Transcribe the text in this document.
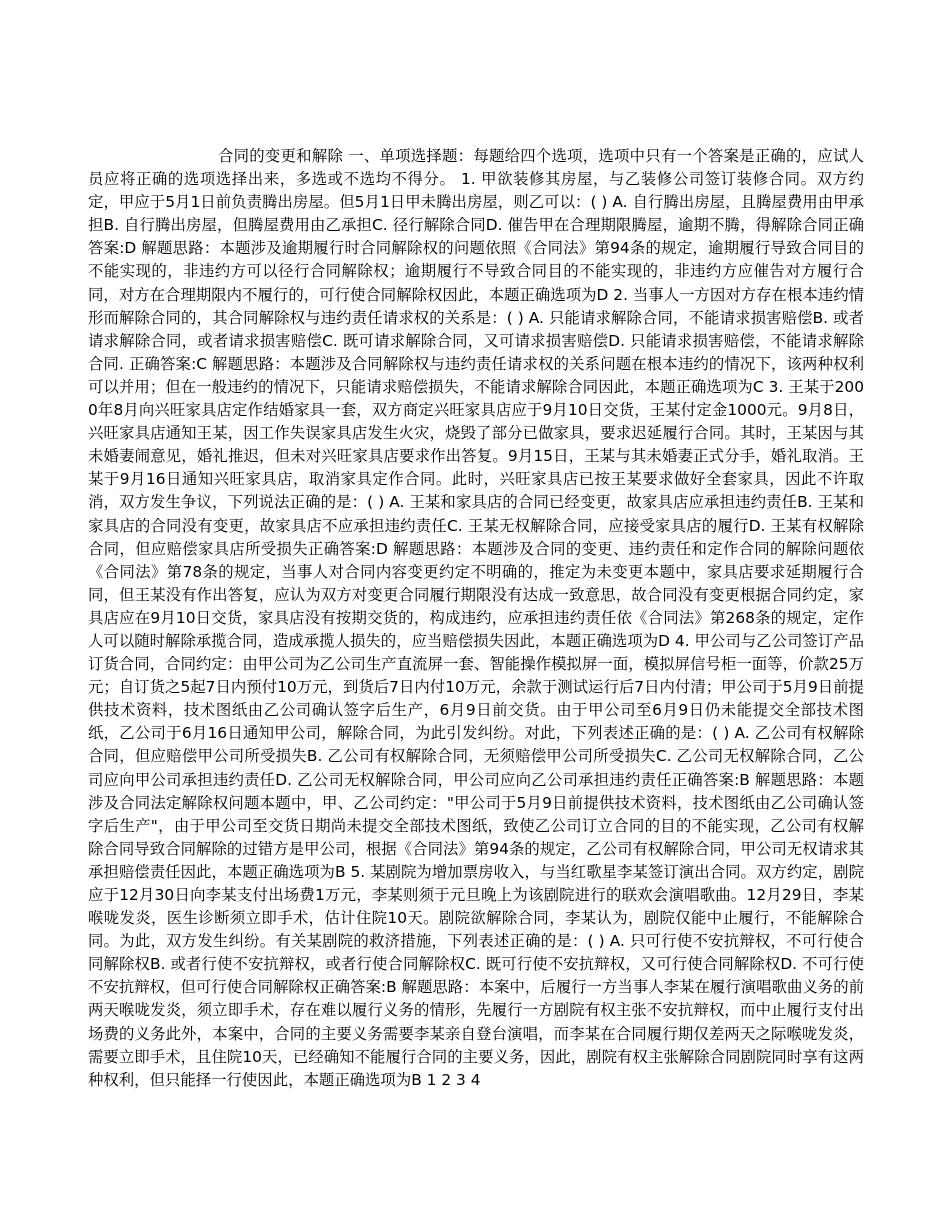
合同的变更和解除 一、单项选择题：每题给四个选项，选项中只有一个答案是正确的，应试人员应将正确的选项选择出来，多选或不选均不得分。 1. 甲欲装修其房屋，与乙装修公司签订装修合同。双方约定，甲应于5月1日前负责腾出房屋。但5月1日甲未腾出房屋，则乙可以：( ) A. 自行腾出房屋，且腾屋费用由甲承担B. 自行腾出房屋，但腾屋费用由乙承担C. 径行解除合同D. 催告甲在合理期限腾屋，逾期不腾，得解除合同正确答案:D 解题思路：本题涉及逾期履行时合同解除权的问题依照《合同法》第94条的规定，逾期履行导致合同目的不能实现的，非违约方可以径行合同解除权；逾期履行不导致合同目的不能实现的，非违约方应催告对方履行合同，对方在合理期限内不履行的，可行使合同解除权因此，本题正确选项为D 2. 当事人一方因对方存在根本违约情形而解除合同的，其合同解除权与违约责任请求权的关系是：( ) A. 只能请求解除合同，不能请求损害赔偿B. 或者请求解除合同，或者请求损害赔偿C. 既可请求解除合同，又可请求损害赔偿D. 只能请求损害赔偿，不能请求解除合同. 正确答案:C 解题思路：本题涉及合同解除权与违约责任请求权的关系问题在根本违约的情况下，该两种权利可以并用；但在一般违约的情况下，只能请求赔偿损失，不能请求解除合同因此，本题正确选项为C 3. 王某于2000年8月向兴旺家具店定作结婚家具一套，双方商定兴旺家具店应于9月10日交货，王某付定金1000元。9月8日，兴旺家具店通知王某，因工作失误家具店发生火灾，烧毁了部分已做家具，要求迟延履行合同。其时，王某因与其未婚妻闹意见，婚礼推迟，但未对兴旺家具店要求作出答复。9月15日，王某与其未婚妻正式分手，婚礼取消。王某于9月16日通知兴旺家具店，取消家具定作合同。此时，兴旺家具店已按王某要求做好全套家具，因此不许取消，双方发生争议，下列说法正确的是：( ) A. 王某和家具店的合同已经变更，故家具店应承担违约责任B. 王某和家具店的合同没有变更，故家具店不应承担违约责任C. 王某无权解除合同，应接受家具店的履行D. 王某有权解除合同，但应赔偿家具店所受损失正确答案:D 解题思路：本题涉及合同的变更、违约责任和定作合同的解除问题依《合同法》第78条的规定，当事人对合同内容变更约定不明确的，推定为未变更本题中，家具店要求延期履行合同，但王某没有作出答复，应认为双方对变更合同履行期限没有达成一致意思，故合同没有变更根据合同约定，家具店应在9月10日交货，家具店没有按期交货的，构成违约，应承担违约责任依《合同法》第268条的规定，定作人可以随时解除承揽合同，造成承揽人损失的，应当赔偿损失因此，本题正确选项为D 4. 甲公司与乙公司签订产品订货合同，合同约定：由甲公司为乙公司生产直流屏一套、智能操作模拟屏一面，模拟屏信号柜一面等，价款25万元；自订货之5起7日内预付10万元，到货后7日内付10万元，余款于测试运行后7日内付清；甲公司于5月9日前提供技术资料，技术图纸由乙公司确认签字后生产，6月9日前交货。由于甲公司至6月9日仍未能提交全部技术图纸，乙公司于6月16日通知甲公司，解除合同，为此引发纠纷。对此，下列表述正确的是：( ) A. 乙公司有权解除合同，但应赔偿甲公司所受损失B. 乙公司有权解除合同，无须赔偿甲公司所受损失C. 乙公司无权解除合同，乙公司应向甲公司承担违约责任D. 乙公司无权解除合同，甲公司应向乙公司承担违约责任正确答案:B 解题思路：本题涉及合同法定解除权问题本题中，甲、乙公司约定："甲公司于5月9日前提供技术资料，技术图纸由乙公司确认签字后生产"，由于甲公司至交货日期尚未提交全部技术图纸，致使乙公司订立合同的目的不能实现，乙公司有权解除合同导致合同解除的过错方是甲公司，根据《合同法》第94条的规定，乙公司有权解除合同，甲公司无权请求其承担赔偿责任因此，本题正确选项为B 5. 某剧院为增加票房收入，与当红歌星李某签订演出合同。双方约定，剧院应于12月30日向李某支付出场费1万元，李某则须于元旦晚上为该剧院进行的联欢会演唱歌曲。12月29日，李某喉咙发炎，医生诊断须立即手术，估计住院10天。剧院欲解除合同，李某认为，剧院仅能中止履行，不能解除合同。为此，双方发生纠纷。有关某剧院的救济措施，下列表述正确的是：( ) A. 只可行使不安抗辩权，不可行使合同解除权B. 或者行使不安抗辩权，或者行使合同解除权C. 既可行使不安抗辩权，又可行使合同解除权D. 不可行使不安抗辩权，但可行使合同解除权正确答案:B 解题思路：本案中，后履行一方当事人李某在履行演唱歌曲义务的前两天喉咙发炎，须立即手术，存在难以履行义务的情形，先履行一方剧院有权主张不安抗辩权，而中止履行支付出场费的义务此外，本案中，合同的主要义务需要李某亲自登台演唱，而李某在合同履行期仅差两天之际喉咙发炎，需要立即手术，且住院10天，已经确知不能履行合同的主要义务，因此，剧院有权主张解除合同剧院同时享有这两种权利，但只能择一行使因此，本题正确选项为B 1 2 3 4
